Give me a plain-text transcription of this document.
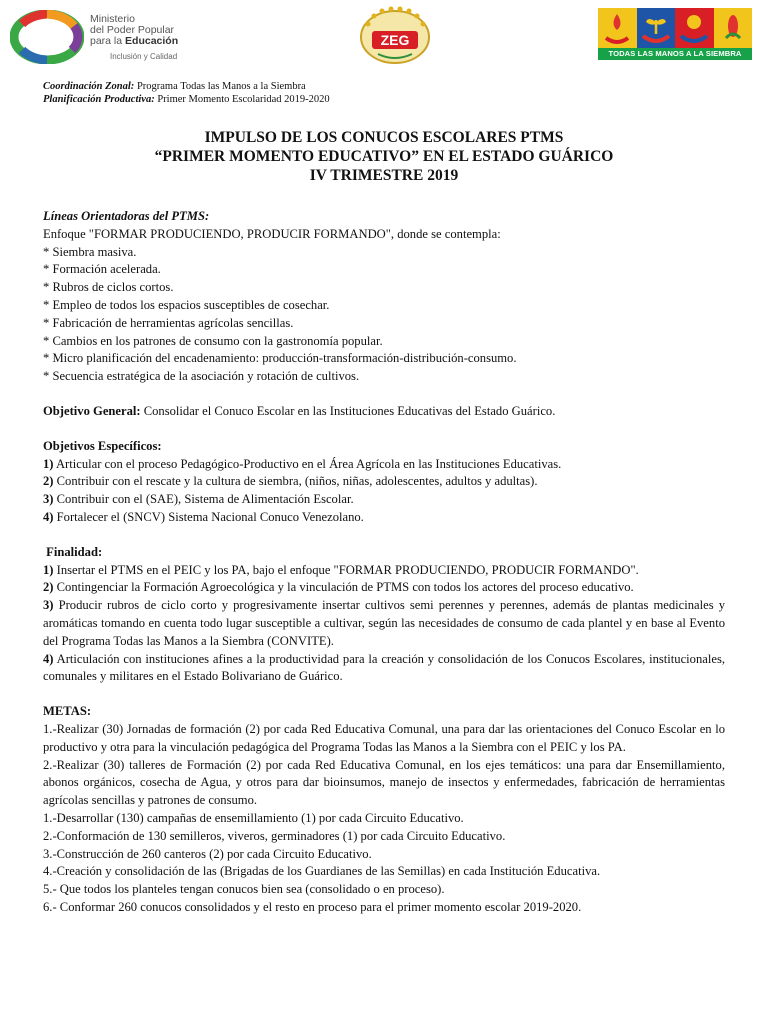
Ministerio
del Poder Popular
para la Educación
Inclusión y Calidad
ZEG
TODAS LAS MANOS A LA SIEMBRA
Coordinación Zonal: Programa Todas las Manos a la Siembra
Planificación Productiva: Primer Momento Escolaridad 2019-2020
IMPULSO DE LOS CONUCOS ESCOLARES PTMS
“PRIMER MOMENTO EDUCATIVO” EN EL ESTADO GUÁRICO
IV TRIMESTRE 2019

Líneas Orientadoras del PTMS:

Enfoque "FORMAR PRODUCIENDO, PRODUCIR FORMANDO", donde se contempla:

* Siembra masiva.

* Formación acelerada.

* Rubros de ciclos cortos.

* Empleo de todos los espacios susceptibles de cosechar.

* Fabricación de herramientas agrícolas sencillas.

* Cambios en los patrones de consumo con la gastronomía popular.

* Micro planificación del encadenamiento: producción-transformación-distribución-consumo.

* Secuencia estratégica de la asociación y rotación de cultivos.

Objetivo General: Consolidar el Conuco Escolar en las Instituciones Educativas del Estado Guárico.

Objetivos Específicos:

1) Articular con el proceso Pedagógico-Productivo en el Área Agrícola en las Instituciones Educativas.

2) Contribuir con el rescate y la cultura de siembra, (niños, niñas, adolescentes, adultos y adultas).

3) Contribuir con el (SAE), Sistema de Alimentación Escolar.

4) Fortalecer el (SNCV) Sistema Nacional Conuco Venezolano.

Finalidad:

1) Insertar el PTMS en el PEIC y los PA, bajo el enfoque "FORMAR PRODUCIENDO, PRODUCIR FORMANDO".

2) Contingenciar la Formación Agroecológica y la vinculación de PTMS con todos los actores del proceso educativo.

3) Producir rubros de ciclo corto y progresivamente insertar cultivos semi perennes y perennes, además de plantas medicinales y aromáticas tomando en cuenta todo lugar susceptible a cultivar, según las necesidades de consumo de cada plantel y en base al Evento del Programa Todas las Manos a la Siembra (CONVITE).

4) Articulación con instituciones afines a la productividad para la creación y consolidación de los Conucos Escolares, institucionales, comunales y militares en el Estado Bolivariano de Guárico.

METAS:

1.-Realizar (30) Jornadas de formación (2) por cada Red Educativa Comunal, una para dar las orientaciones del Conuco Escolar en lo productivo y otra para la vinculación pedagógica del Programa Todas las Manos a la Siembra con el PEIC y los PA.

2.-Realizar (30) talleres de Formación (2) por cada Red Educativa Comunal, en los ejes temáticos: una para dar Ensemillamiento, abonos orgánicos, cosecha de Agua, y otros para dar bioinsumos, manejo de insectos y enfermedades, fabricación de herramientas agrícolas sencillas y patrones de consumo.

1.-Desarrollar (130) campañas de ensemillamiento (1) por cada Circuito Educativo.

2.-Conformación de 130 semilleros, viveros, germinadores (1) por cada Circuito Educativo.

3.-Construcción de 260 canteros (2) por cada Circuito Educativo.

4.-Creación y consolidación de las (Brigadas de los Guardianes de las Semillas) en cada Institución Educativa.

5.- Que todos los planteles tengan conucos bien sea (consolidado o en proceso).

6.- Conformar 260 conucos consolidados y el resto en proceso para el primer momento escolar 2019-2020.
